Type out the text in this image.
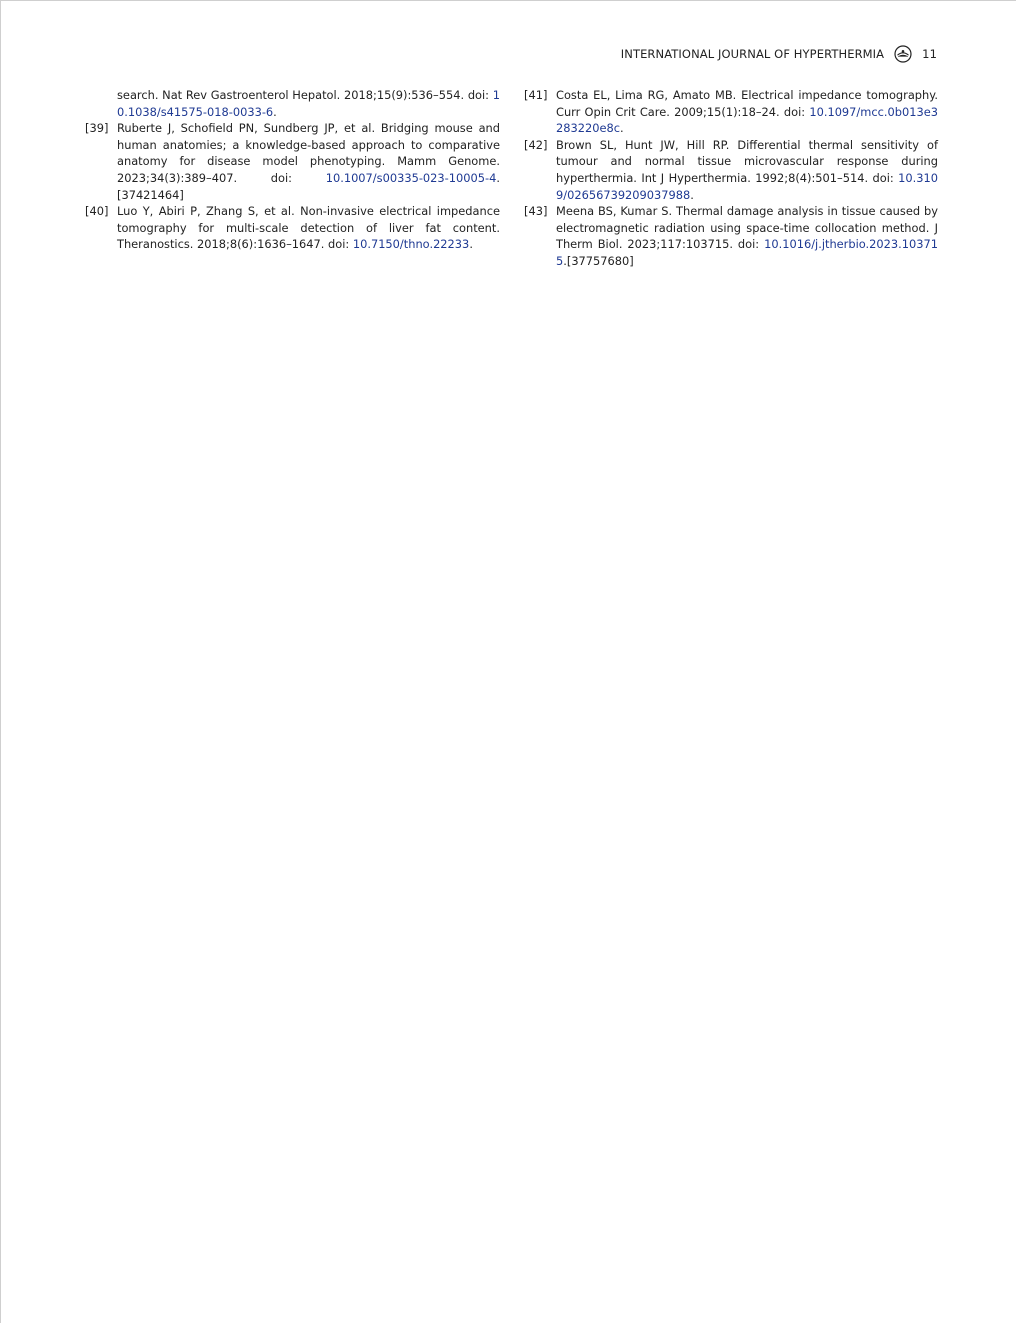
INTERNATIONAL JOURNAL OF HYPERTHERMIA	11
search. Nat Rev Gastroenterol Hepatol. 2018;15(9):536–554. doi: 10.1038/s41575-018-0033-6.
[39] Ruberte J, Schofield PN, Sundberg JP, et al. Bridging mouse and human anatomies; a knowledge-based approach to comparative anatomy for disease model phenotyping. Mamm Genome. 2023;34(3):389–407. doi: 10.1007/s00335-023-10005-4.[37421464]
[40] Luo Y, Abiri P, Zhang S, et al. Non-invasive electrical impedance tomography for multi-scale detection of liver fat content. Theranostics. 2018;8(6):1636–1647. doi: 10.7150/thno.22233.
[41] Costa EL, Lima RG, Amato MB. Electrical impedance tomography. Curr Opin Crit Care. 2009;15(1):18–24. doi: 10.1097/mcc.0b013e3283220e8c.
[42] Brown SL, Hunt JW, Hill RP. Differential thermal sensitivity of tumour and normal tissue microvascular response during hyperthermia. Int J Hyperthermia. 1992;8(4):501–514. doi: 10.3109/02656739209037988.
[43] Meena BS, Kumar S. Thermal damage analysis in tissue caused by electromagnetic radiation using space-time collocation method. J Therm Biol. 2023;117:103715. doi: 10.1016/j.jtherbio.2023.103715.[37757680]
